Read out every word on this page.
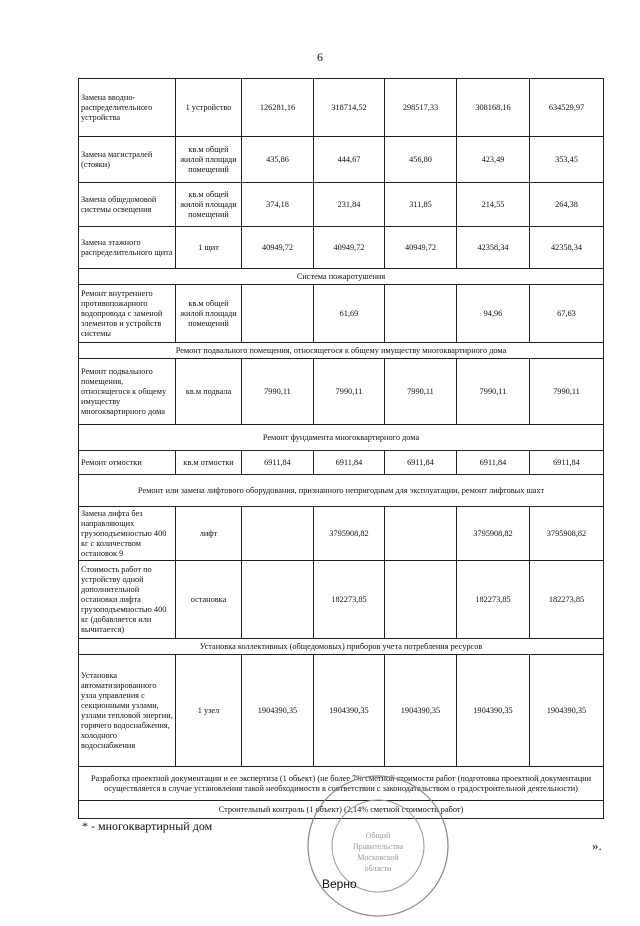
6
Замена вводно-распределительного устройства	1 устройство	126281,16	318714,52	298517,33	308168,16	634529,97
Замена магистралей (стояки)	кв.м общей жилой площади помещений	435,86	444,67	456,80	423,49	353,45
Замена общедомовой системы освещения	кв.м общей жилой площади помещений	374,18	231,84	311,85	214,55	264,38
Замена этажного распределительного щита	1 щит	40949,72	40949,72	40949,72	42358,34	42358,34
Система пожаротушения						
Ремонт внутреннего противопожарного водопровода с заменой элементов и устройств системы	кв.м общей жилой площади помещений		61,69		94,96	67,63
Ремонт подвального помещения, относящегося к общему имуществу многоквартирного дома						
Ремонт подвального помещения, относящегося к общему имуществу многоквартирного дома	кв.м подвала	7990,11	7990,11	7990,11	7990,11	7990,11
Ремонт фундамента многоквартирного дома						
Ремонт отмостки	кв.м отмостки	6911,84	6911,84	6911,84	6911,84	6911,84
Ремонт или замена лифтового оборудования, признанного непригодным для эксплуатации, ремонт лифтовых шахт						
Замена лифта без направляющих грузоподъемностью 400 кг с количеством остановок 9	лифт		3795908,82		3795908,82	3795908,82
Стоимость работ по устройству одной дополнительной остановки лифта грузоподъемностью 400 кг (добавляется или вычитается)	остановка		182273,85		182273,85	182273,85
Установка коллективных (общедомовых) приборов учета потребления ресурсов						
Установка автоматизированного узла управления с секционными узлами, узлами тепловой энергии, горячего водоснабжения, холодного водоснабжения	1 узел	1904390,35	1904390,35	1904390,35	1904390,35	1904390,35
Разработка проектной документации и ее экспертиза (1 объект) (не более 7% сметной стоимости работ (подготовка проектной документации осуществляется в случае установления такой необходимости в соответствии с законодательством о градостроительной деятельности)						
Строительный контроль (1 объект) (2,14% сметной стоимости работ)						
* - многоквартирный дом
».
Общий
Правительства
Московской
области
Верно
